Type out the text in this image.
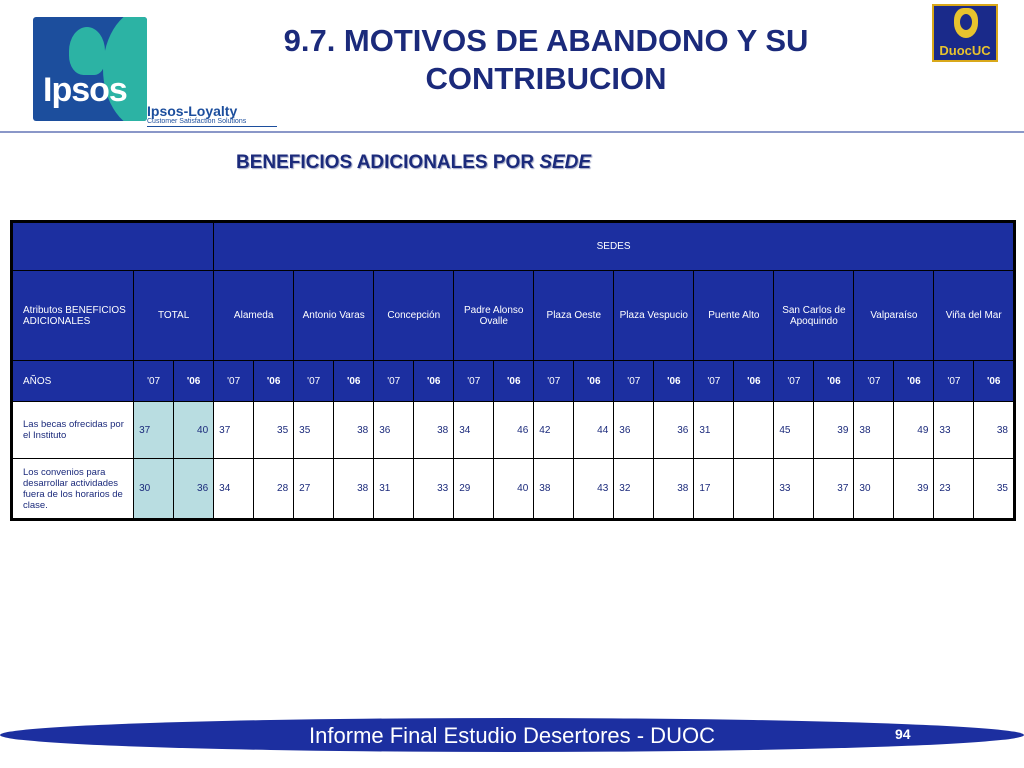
Ipsos
Ipsos-Loyalty
Customer Satisfaction Solutions
DuocUC
9.7. MOTIVOS DE ABANDONO Y SU CONTRIBUCION
BENEFICIOS ADICIONALES POR SEDE
			SEDES																			
Atributos BENEFICIOS ADICIONALES	TOTAL		Alameda		Antonio Varas		Concepción		Padre Alonso Ovalle		Plaza Oeste		Plaza Vespucio		Puente Alto		San Carlos de Apoquindo		Valparaíso		Viña del Mar	
AÑOS	'07	'06	'07	'06	'07	'06	'07	'06	'07	'06	'07	'06	'07	'06	'07	'06	'07	'06	'07	'06	'07	'06
Las becas ofrecidas por el Instituto	37	40	37	35	35	38	36	38	34	46	42	44	36	36	31		45	39	38	49	33	38
Los convenios para desarrollar actividades fuera de los horarios de clase.	30	36	34	28	27	38	31	33	29	40	38	43	32	38	17		33	37	30	39	23	35
Informe Final Estudio Desertores - DUOC	94
